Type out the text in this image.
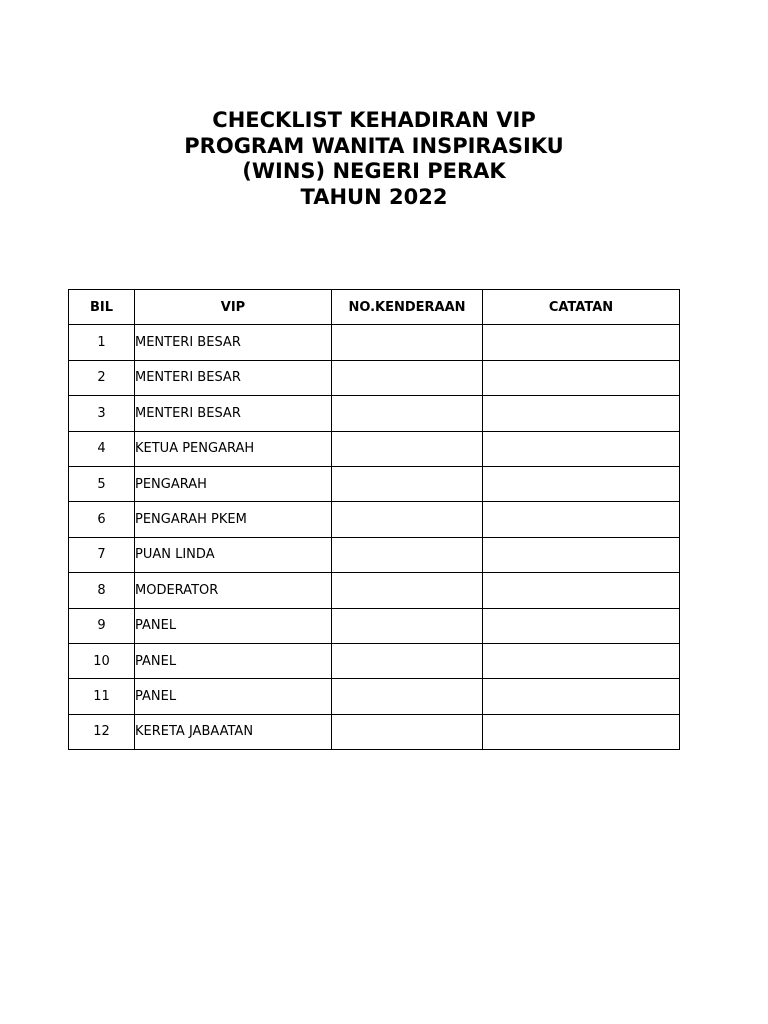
CHECKLIST KEHADIRAN VIP

PROGRAM WANITA INSPIRASIKU

(WINS) NEGERI PERAK

TAHUN 2022

BIL	VIP	NO.KENDERAAN	CATATAN
1	MENTERI BESAR		
2	MENTERI BESAR		
3	MENTERI BESAR		
4	KETUA PENGARAH		
5	PENGARAH		
6	PENGARAH PKEM		
7	PUAN LINDA		
8	MODERATOR		
9	PANEL		
10	PANEL		
11	PANEL		
12	KERETA JABAATAN		
